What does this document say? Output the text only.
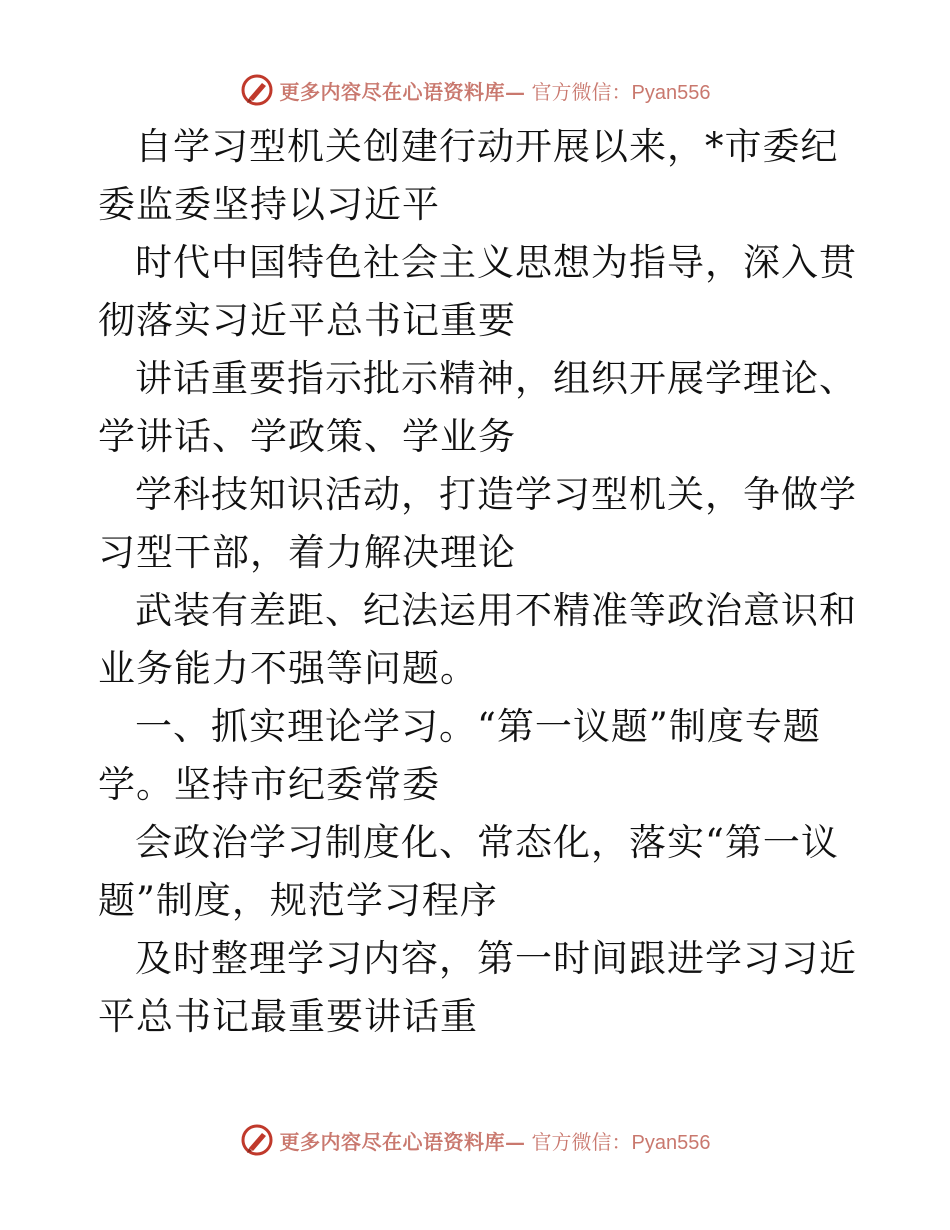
更多内容尽在心语资料库— 官方微信：Pyan556

自学习型机关创建行动开展以来，*市委纪委监委坚持以习近平

时代中国特色社会主义思想为指导，深入贯彻落实习近平总书记重要

讲话重要指示批示精神，组织开展学理论、学讲话、学政策、学业务

学科技知识活动，打造学习型机关，争做学习型干部，着力解决理论

武装有差距、纪法运用不精准等政治意识和业务能力不强等问题。

一、抓实理论学习。“第一议题”制度专题学。坚持市纪委常委

会政治学习制度化、常态化，落实“第一议题”制度，规范学习程序

及时整理学习内容，第一时间跟进学习习近平总书记最重要讲话重

更多内容尽在心语资料库— 官方微信：Pyan556
